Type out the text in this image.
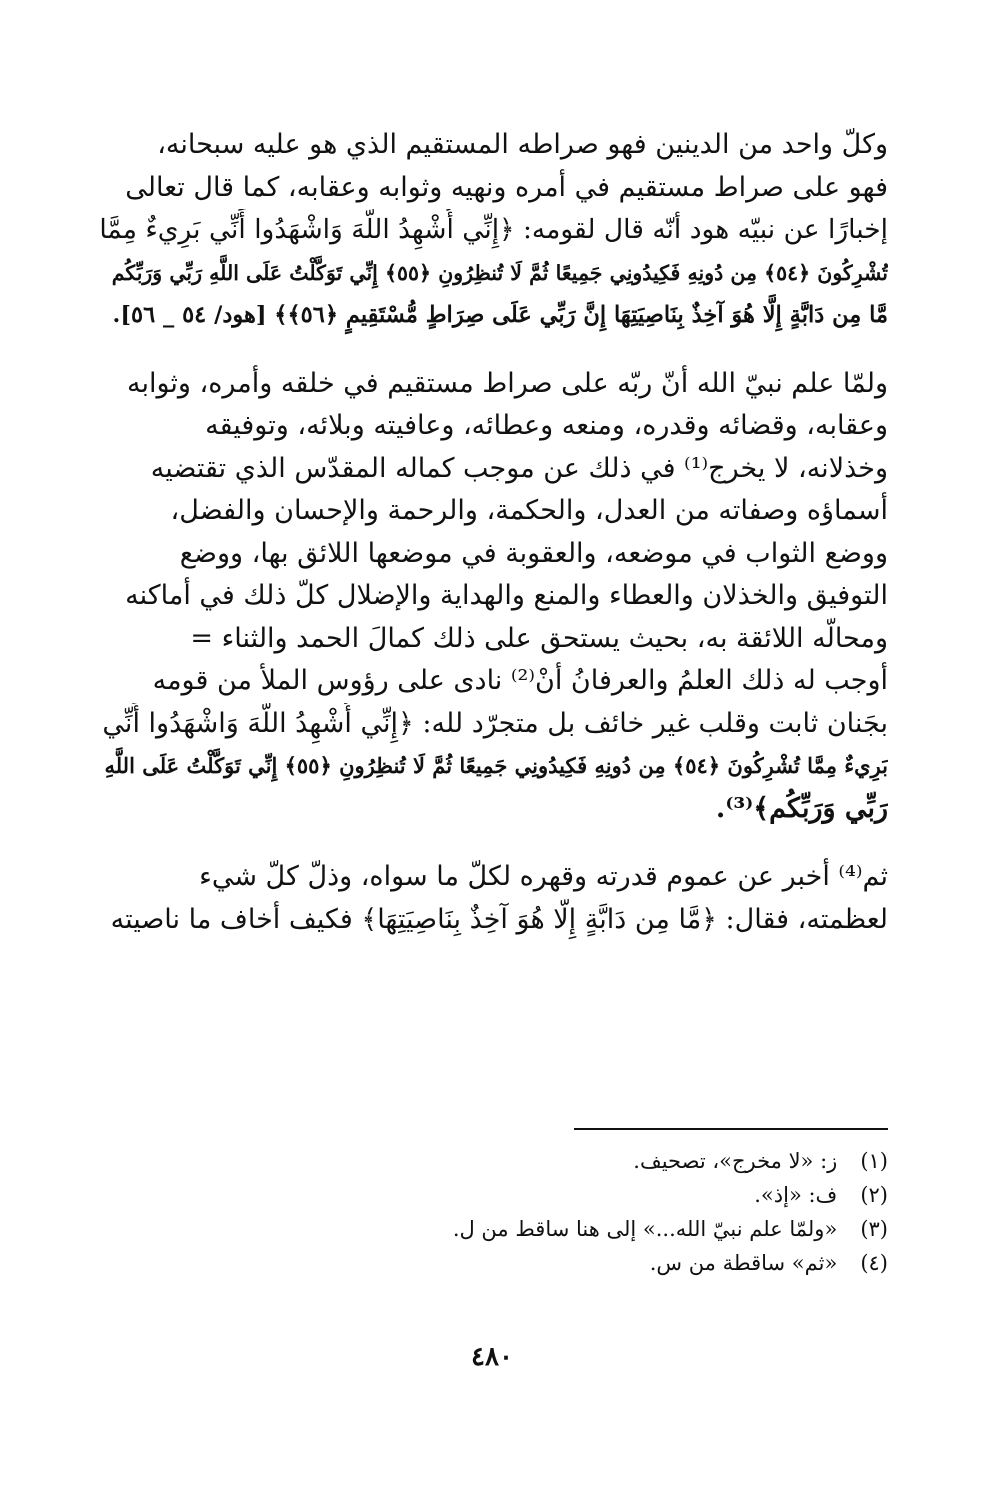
وكلّ واحد من الدينين فهو صراطه المستقيم الذي هو عليه سبحانه،
فهو على صراط مستقيم في أمره ونهيه وثوابه وعقابه، كما قال تعالى
إخبارًا عن نبيّه هود أنّه قال لقومه: ﴿إِنِّي أُشْهِدُ اللَّهَ وَاشْهَدُوا أَنِّي بَرِيءٌ مِمَّا
تُشْرِكُونَ ﴿٥٤﴾ مِن دُونِهِ فَكِيدُونِي جَمِيعًا ثُمَّ لَا تُنظِرُونِ ﴿٥٥﴾ إِنِّي تَوَكَّلْتُ عَلَى اللَّهِ رَبِّي وَرَبِّكُم
مَّا مِن دَابَّةٍ إِلَّا هُوَ آخِذٌ بِنَاصِيَتِهَا إِنَّ رَبِّي عَلَى صِرَاطٍ مُّسْتَقِيمٍ ﴿٥٦﴾﴾ [هود/ ٥٤ _ ٥٦].

ولمّا علم نبيّ الله أنّ ربّه على صراط مستقيم في خلقه وأمره، وثوابه
وعقابه، وقضائه وقدره، ومنعه وعطائه، وعافيته وبلائه، وتوفيقه
وخذلانه، لا يخرج⁽¹⁾ في ذلك عن موجب كماله المقدّس الذي تقتضيه
أسماؤه وصفاته من العدل، والحكمة، والرحمة والإحسان والفضل،
ووضع الثواب في موضعه، والعقوبة في موضعها اللائق بها، ووضع
التوفيق والخذلان والعطاء والمنع والهداية والإضلال كلّ ذلك في أماكنه
ومحالّه اللائقة به، بحيث يستحق على ذلك كمالَ الحمد والثناء =
أوجب له ذلك العلمُ والعرفانُ أنْ⁽²⁾ نادى على رؤوس الملأ من قومه
بجَنان ثابت وقلب غير خائف بل متجرّد لله: ﴿إِنِّي أُشْهِدُ اللَّهَ وَاشْهَدُوا أَنِّي
بَرِيءٌ مِمَّا تُشْرِكُونَ ﴿٥٤﴾ مِن دُونِهِ فَكِيدُونِي جَمِيعًا ثُمَّ لَا تُنظِرُونِ ﴿٥٥﴾ إِنِّي تَوَكَّلْتُ عَلَى اللَّهِ
رَبِّي وَرَبِّكُم﴾⁽³⁾.

ثم⁽⁴⁾ أخبر عن عموم قدرته وقهره لكلّ ما سواه، وذلّ كلّ شيء
لعظمته، فقال: ﴿مَّا مِن دَابَّةٍ إِلَّا هُوَ آخِذٌ بِنَاصِيَتِهَا﴾ فكيف أخاف ما ناصيته

(١) ز: «لا مخرج»، تصحيف.
(٢) ف: «إذ».
(٣) «ولمّا علم نبيّ الله...» إلى هنا ساقط من ل.
(٤) «ثم» ساقطة من س.
٤٨٠
